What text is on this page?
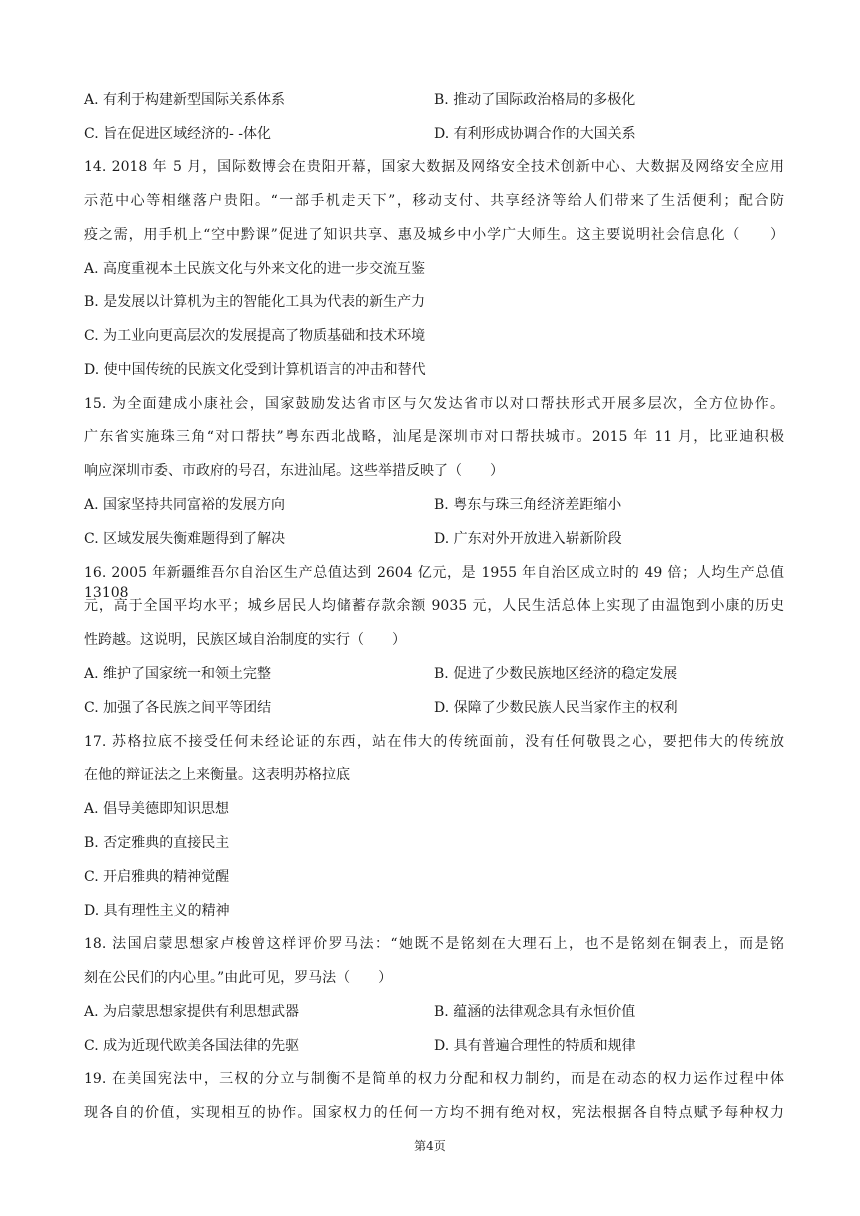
A. 有利于构建新型国际关系体系	B. 推动了国际政治格局的多极化
C. 旨在促进区域经济的- -体化	D. 有利形成协调合作的大国关系
14. 2018 年 5 月，国际数博会在贵阳开幕，国家大数据及网络安全技术创新中心、大数据及网络安全应用
示范中心等相继落户贵阳。“一部手机走天下”，移动支付、共享经济等给人们带来了生活便利；配合防
疫之需，用手机上“空中黔课”促进了知识共享、惠及城乡中小学广大师生。这主要说明社会信息化（　　）
A. 高度重视本土民族文化与外来文化的进一步交流互鉴
B. 是发展以计算机为主的智能化工具为代表的新生产力
C. 为工业向更高层次的发展提高了物质基础和技术环境
D. 使中国传统的民族文化受到计算机语言的冲击和替代
15. 为全面建成小康社会，国家鼓励发达省市区与欠发达省市以对口帮扶形式开展多层次，全方位协作。
广东省实施珠三角“对口帮扶”粤东西北战略，汕尾是深圳市对口帮扶城市。2015 年 11 月，比亚迪积极
响应深圳市委、市政府的号召，东进汕尾。这些举措反映了（　　）
A. 国家坚持共同富裕的发展方向	B. 粤东与珠三角经济差距缩小
C. 区域发展失衡难题得到了解决	D. 广东对外开放进入崭新阶段
16. 2005 年新疆维吾尔自治区生产总值达到 2604 亿元，是 1955 年自治区成立时的 49 倍；人均生产总值 13108
元，高于全国平均水平；城乡居民人均储蓄存款余额 9035 元，人民生活总体上实现了由温饱到小康的历史
性跨越。这说明，民族区域自治制度的实行（　　）
A. 维护了国家统一和领土完整	B. 促进了少数民族地区经济的稳定发展
C. 加强了各民族之间平等团结	D. 保障了少数民族人民当家作主的权利
17. 苏格拉底不接受任何未经论证的东西，站在伟大的传统面前，没有任何敬畏之心，要把伟大的传统放
在他的辩证法之上来衡量。这表明苏格拉底
A. 倡导美德即知识思想
B. 否定雅典的直接民主
C. 开启雅典的精神觉醒
D. 具有理性主义的精神
18. 法国启蒙思想家卢梭曾这样评价罗马法：“她既不是铭刻在大理石上，也不是铭刻在铜表上，而是铭
刻在公民们的内心里。”由此可见，罗马法（　　）
A. 为启蒙思想家提供有利思想武器	B. 蕴涵的法律观念具有永恒价值
C. 成为近现代欧美各国法律的先驱	D. 具有普遍合理性的特质和规律
19. 在美国宪法中，三权的分立与制衡不是简单的权力分配和权力制约，而是在动态的权力运作过程中体
现各自的价值，实现相互的协作。国家权力的任何一方均不拥有绝对权，宪法根据各自特点赋予每种权力
第4页
